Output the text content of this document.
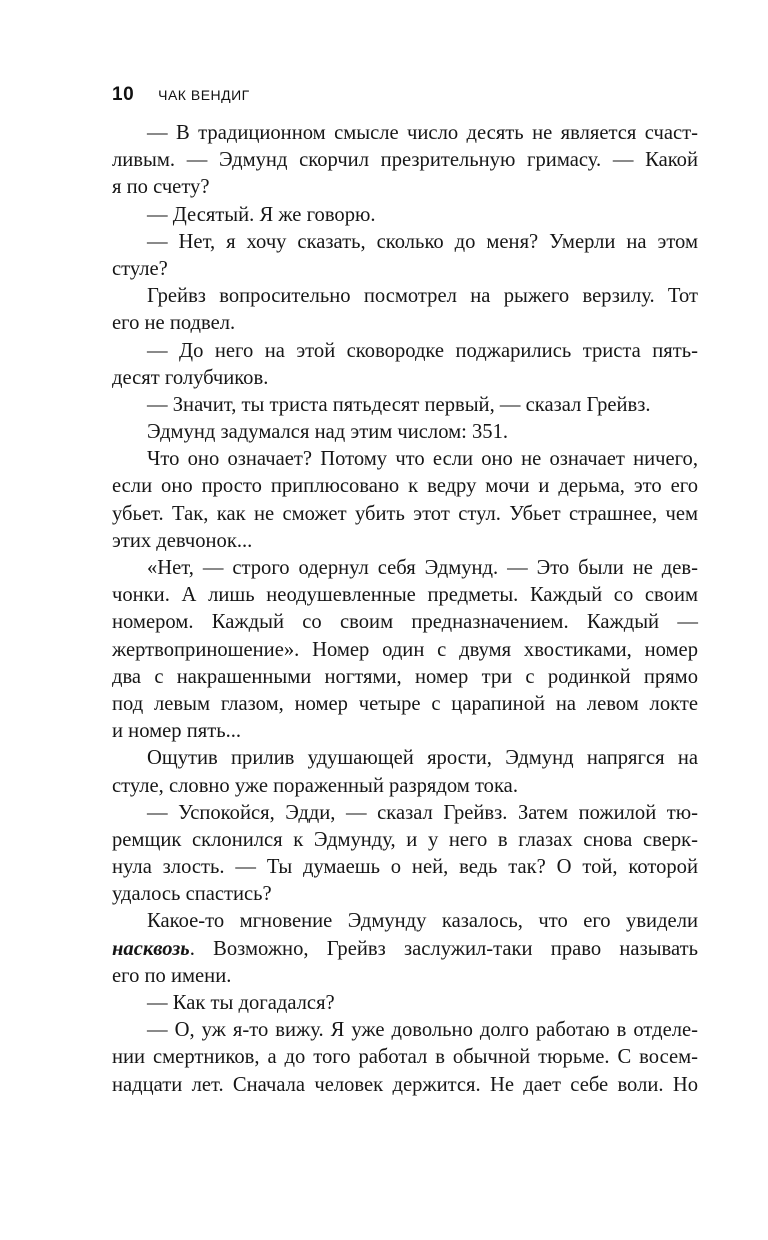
10 ЧАК ВЕНДИГ
— В традиционном смысле число десять не является счаст-
ливым. — Эдмунд скорчил презрительную гримасу. — Какой
я по счету?
— Десятый. Я же говорю.
— Нет, я хочу сказать, сколько до меня? Умерли на этом
стуле?
Грейвз вопросительно посмотрел на рыжего верзилу. Тот
его не подвел.
— До него на этой сковородке поджарились триста пять-
десят голубчиков.
— Значит, ты триста пятьдесят первый, — сказал Грейвз.
Эдмунд задумался над этим числом: 351.
Что оно означает? Потому что если оно не означает ничего,
если оно просто приплюсовано к ведру мочи и дерьма, это его
убьет. Так, как не сможет убить этот стул. Убьет страшнее, чем
этих девчонок...
«Нет, — строго одернул себя Эдмунд. — Это были не дев-
чонки. А лишь неодушевленные предметы. Каждый со своим
номером. Каждый со своим предназначением. Каждый —
жертвоприношение». Номер один с двумя хвостиками, номер
два с накрашенными ногтями, номер три с родинкой прямо
под левым глазом, номер четыре с царапиной на левом локте
и номер пять...
Ощутив прилив удушающей ярости, Эдмунд напрягся на
стуле, словно уже пораженный разрядом тока.
— Успокойся, Эдди, — сказал Грейвз. Затем пожилой тю-
ремщик склонился к Эдмунду, и у него в глазах снова сверк-
нула злость. — Ты думаешь о ней, ведь так? О той, которой
удалось спастись?
Какое-то мгновение Эдмунду казалось, что его увидели
насквозь. Возможно, Грейвз заслужил-таки право называть
его по имени.
— Как ты догадался?
— О, уж я-то вижу. Я уже довольно долго работаю в отделе-
нии смертников, а до того работал в обычной тюрьме. С восем-
надцати лет. Сначала человек держится. Не дает себе воли. Но
